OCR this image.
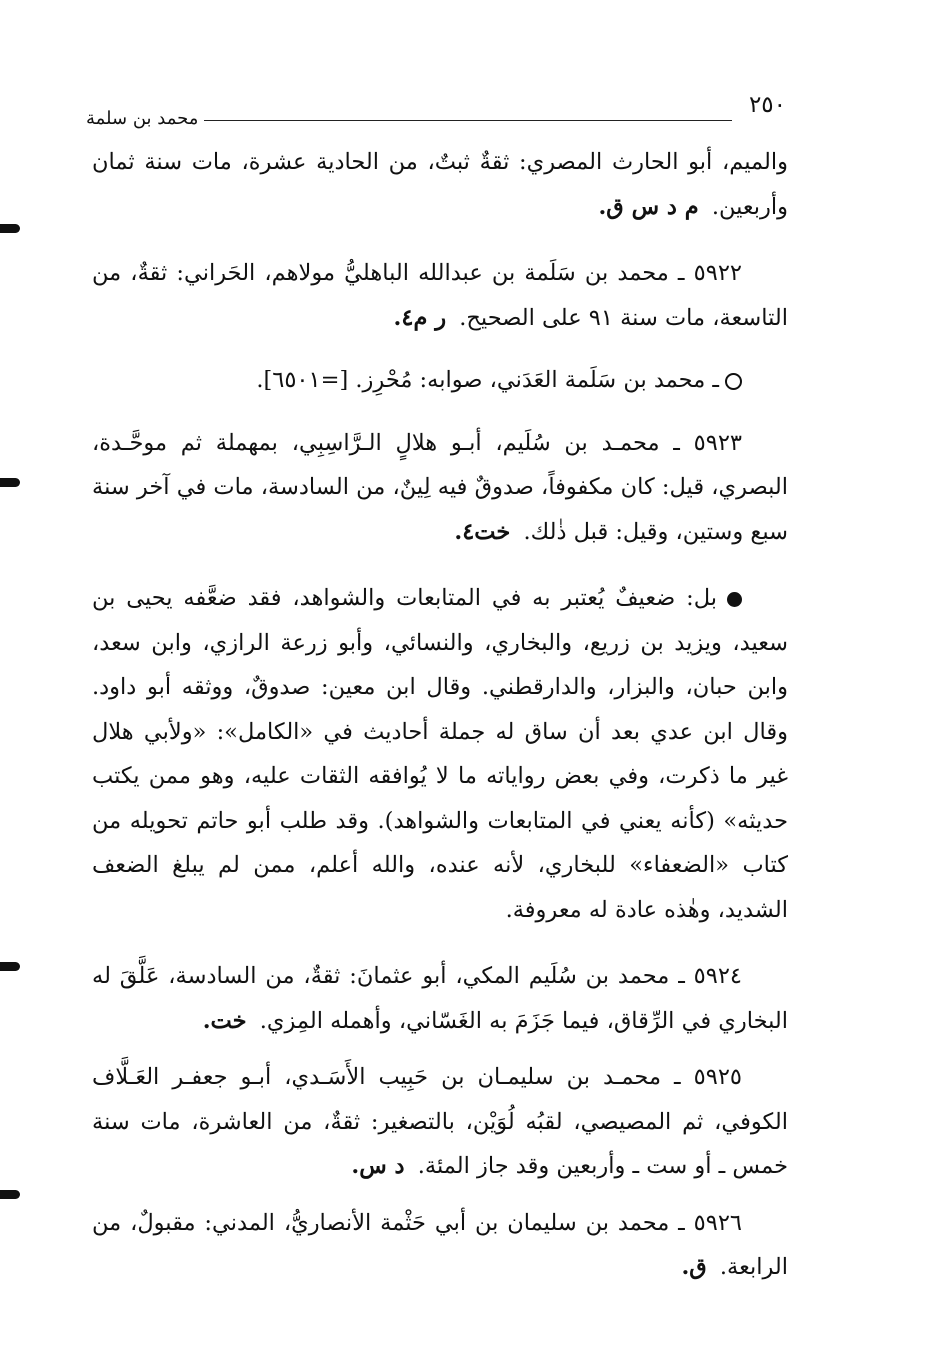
٢٥٠
محمد بن سلمة

والميم، أبو الحارث المصري: ثقةٌ ثبتٌ، من الحادية عشرة، مات سنة ثمان وأربعين. م د س ق.

٥٩٢٢ ـ محمد بن سَلَمة بن عبدالله الباهليُّ مولاهم، الحَراني: ثقةٌ، من التاسعة، مات سنة ٩١ على الصحيح. ر م٤.

ـ محمد بن سَلَمة العَدَني، صوابه: مُحْرِز. [=٦٥٠١].

٥٩٢٣ ـ محمـد بن سُلَيم، أبـو هلالٍ الـرَّاسِبِي، بمهملة ثم موحَّـدة، البصري، قيل: كان مكفوفاً، صدوقٌ فيه لِينٌ، من السادسة، مات في آخر سنة سبع وستين، وقيل: قبل ذٰلك. خت٤.

بل: ضعيفٌ يُعتبر به في المتابعات والشواهد، فقد ضعَّفه يحيى بن سعيد، ويزيد بن زريع، والبخاري، والنسائي، وأبو زرعة الرازي، وابن سعد، وابن حبان، والبزار، والدارقطني. وقال ابن معين: صدوقٌ، ووثقه أبو داود. وقال ابن عدي بعد أن ساق له جملة أحاديث في «الكامل»: «ولأبي هلال غير ما ذكرت، وفي بعض رواياته ما لا يُوافقه الثقات عليه، وهو ممن يكتب حديثه» (كأنه يعني في المتابعات والشواهد). وقد طلب أبو حاتم تحويله من كتاب «الضعفاء» للبخاري، لأنه عنده، والله أعلم، ممن لم يبلغ الضعف الشديد، وهٰذه عادة له معروفة.

٥٩٢٤ ـ محمد بن سُلَيم المكي، أبو عثمانَ: ثقةٌ، من السادسة، عَلَّقَ له البخاري في الرِّقاق، فيما جَزَمَ به الغَسّاني، وأهمله المِزي. خت.

٥٩٢٥ ـ محمـد بن سليمـان بن حَبِيب الأَسَـدي، أبـو جعفـر العَـلَّاف الكوفي، ثم المصيصي، لقبُه لُوَيْن، بالتصغير: ثقةٌ، من العاشرة، مات سنة خمس ـ أو ست ـ وأربعين وقد جاز المئة. د س.

٥٩٢٦ ـ محمد بن سليمان بن أبي حَثْمة الأنصاريُّ، المدني: مقبولٌ، من الرابعة. ق.
